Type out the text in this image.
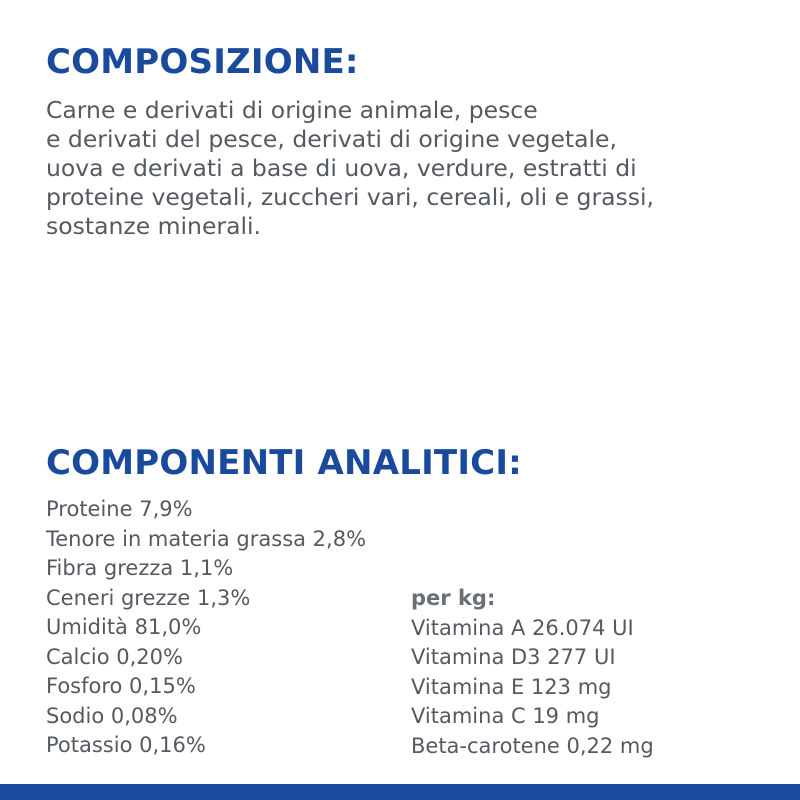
COMPOSIZIONE:

Carne e derivati di origine animale, pesce
e derivati del pesce, derivati di origine vegetale,
uova e derivati a base di uova, verdure, estratti di
proteine vegetali, zuccheri vari, cereali, oli e grassi,
sostanze minerali.

COMPONENTI ANALITICI:
Proteine 7,9%
Tenore in materia grassa 2,8%
Fibra grezza 1,1%
Ceneri grezze 1,3%
Umidità 81,0%
Calcio 0,20%
Fosforo 0,15%
Sodio 0,08%
Potassio 0,16%
per kg:
Vitamina A 26.074 UI
Vitamina D3 277 UI
Vitamina E 123 mg
Vitamina C 19 mg
Beta-carotene 0,22 mg
